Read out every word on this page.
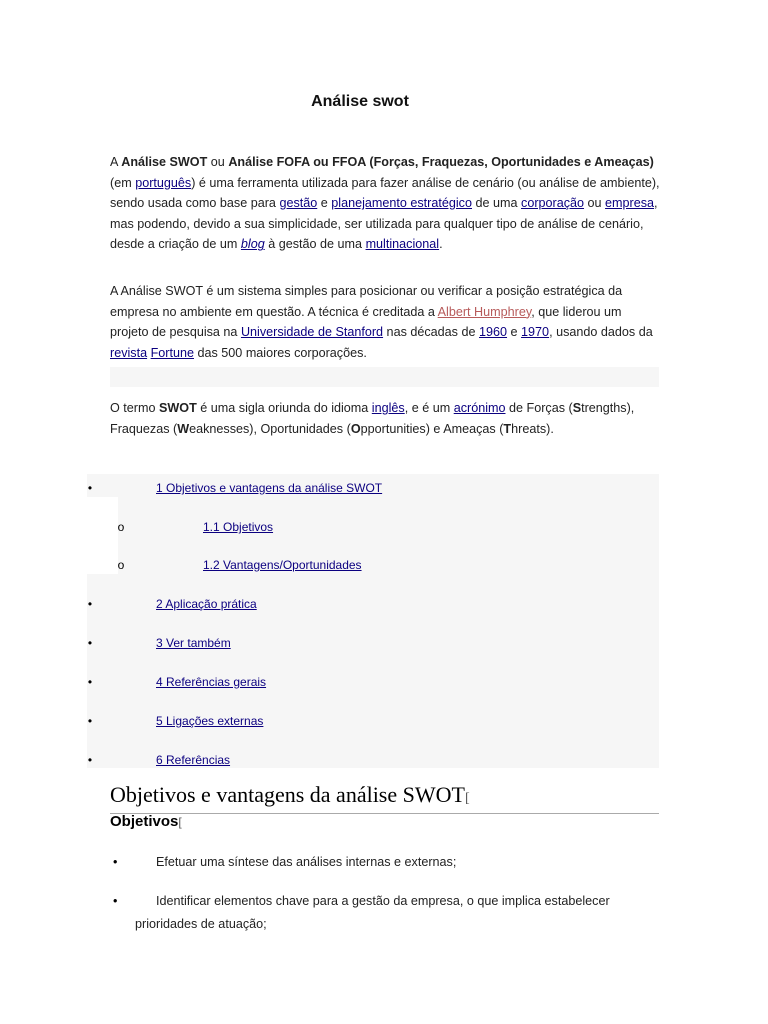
Análise swot
A Análise SWOT ou Análise FOFA ou FFOA (Forças, Fraquezas, Oportunidades e Ameaças) (em português) é uma ferramenta utilizada para fazer análise de cenário (ou análise de ambiente), sendo usada como base para gestão e planejamento estratégico de uma corporação ou empresa, mas podendo, devido a sua simplicidade, ser utilizada para qualquer tipo de análise de cenário, desde a criação de um blog à gestão de uma multinacional.
A Análise SWOT é um sistema simples para posicionar ou verificar a posição estratégica da empresa no ambiente em questão. A técnica é creditada a Albert Humphrey, que liderou um projeto de pesquisa na Universidade de Stanford nas décadas de 1960 e 1970, usando dados da revista Fortune das 500 maiores corporações.
O termo SWOT é uma sigla oriunda do idioma inglês, e é um acrónimo de Forças (Strengths), Fraquezas (Weaknesses), Oportunidades (Opportunities) e Ameaças (Threats).
•	1 Objetivos e vantagens da análise SWOT
o	1.1 Objetivos
o	1.2 Vantagens/Oportunidades
•	2 Aplicação prática
•	3 Ver também
•	4 Referências gerais
•	5 Ligações externas
•	6 Referências
Objetivos e vantagens da análise SWOT[
Objetivos[
•	Efetuar uma síntese das análises internas e externas;
•	Identificar elementos chave para a gestão da empresa, o que implica estabelecer
prioridades de atuação;
